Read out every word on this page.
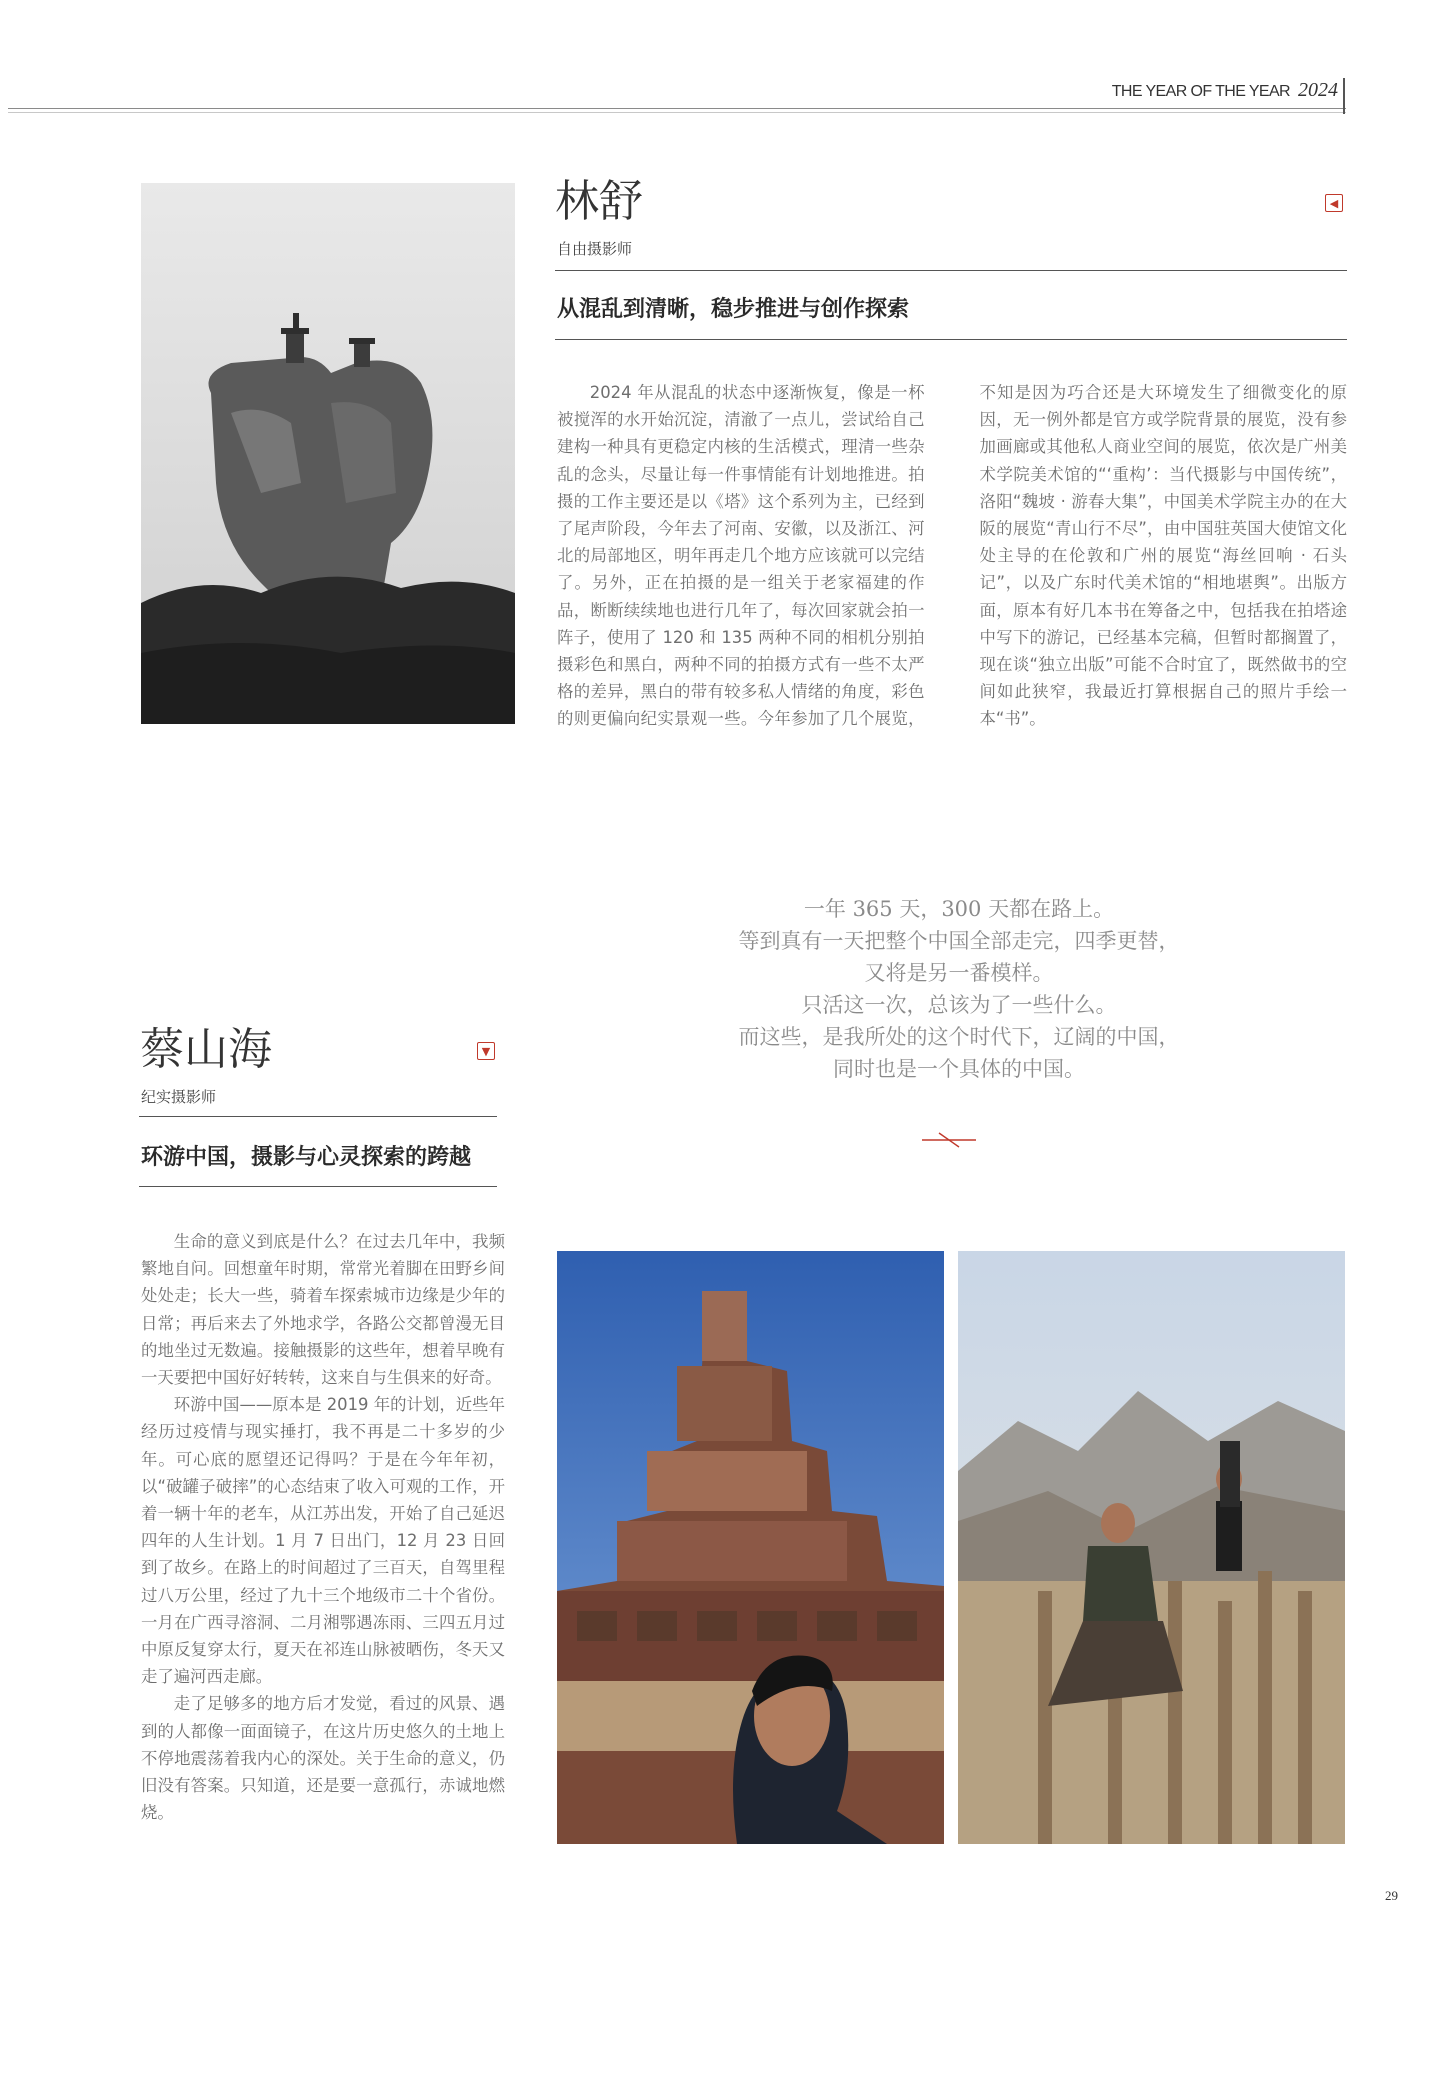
THE YEAR OF THE YEAR 2024
林舒
自由摄影师
◀
从混乱到清晰，稳步推进与创作探索

2024 年从混乱的状态中逐渐恢复，像是一杯被搅浑的水开始沉淀，清澈了一点儿，尝试给自己建构一种具有更稳定内核的生活模式，理清一些杂乱的念头，尽量让每一件事情能有计划地推进。拍摄的工作主要还是以《塔》这个系列为主，已经到了尾声阶段，今年去了河南、安徽，以及浙江、河北的局部地区，明年再走几个地方应该就可以完结了。另外，正在拍摄的是一组关于老家福建的作品，断断续续地也进行几年了，每次回家就会拍一阵子，使用了 120 和 135 两种不同的相机分别拍摄彩色和黑白，两种不同的拍摄方式有一些不太严格的差异，黑白的带有较多私人情绪的角度，彩色的则更偏向纪实景观一些。今年参加了几个展览，不知是因为巧合还是大环境发生了细微变化的原因，无一例外都是官方或学院背景的展览，没有参加画廊或其他私人商业空间的展览，依次是广州美术学院美术馆的“‘重构’：当代摄影与中国传统”，洛阳“魏坡 · 游春大集”，中国美术学院主办的在大阪的展览“青山行不尽”，由中国驻英国大使馆文化处主导的在伦敦和广州的展览“海丝回响 · 石头记”，以及广东时代美术馆的“相地堪舆”。出版方面，原本有好几本书在筹备之中，包括我在拍塔途中写下的游记，已经基本完稿，但暂时都搁置了，现在谈“独立出版”可能不合时宜了，既然做书的空间如此狭窄，我最近打算根据自己的照片手绘一本“书”。

一年 365 天，300 天都在路上。
等到真有一天把整个中国全部走完，四季更替，
又将是另一番模样。
只活这一次，总该为了一些什么。
而这些，是我所处的这个时代下，辽阔的中国，
同时也是一个具体的中国。
蔡山海
纪实摄影师
▼
环游中国，摄影与心灵探索的跨越

生命的意义到底是什么？在过去几年中，我频繁地自问。回想童年时期，常常光着脚在田野乡间处处走；长大一些，骑着车探索城市边缘是少年的日常；再后来去了外地求学，各路公交都曾漫无目的地坐过无数遍。接触摄影的这些年，想着早晚有一天要把中国好好转转，这来自与生俱来的好奇。

环游中国——原本是 2019 年的计划，近些年经历过疫情与现实捶打，我不再是二十多岁的少年。可心底的愿望还记得吗？于是在今年年初，以“破罐子破摔”的心态结束了收入可观的工作，开着一辆十年的老车，从江苏出发，开始了自己延迟四年的人生计划。1 月 7 日出门，12 月 23 日回到了故乡。在路上的时间超过了三百天，自驾里程过八万公里，经过了九十三个地级市二十个省份。一月在广西寻溶洞、二月湘鄂遇冻雨、三四五月过中原反复穿太行，夏天在祁连山脉被晒伤，冬天又走了遍河西走廊。

走了足够多的地方后才发觉，看过的风景、遇到的人都像一面面镜子，在这片历史悠久的土地上不停地震荡着我内心的深处。关于生命的意义，仍旧没有答案。只知道，还是要一意孤行，赤诚地燃烧。

29
